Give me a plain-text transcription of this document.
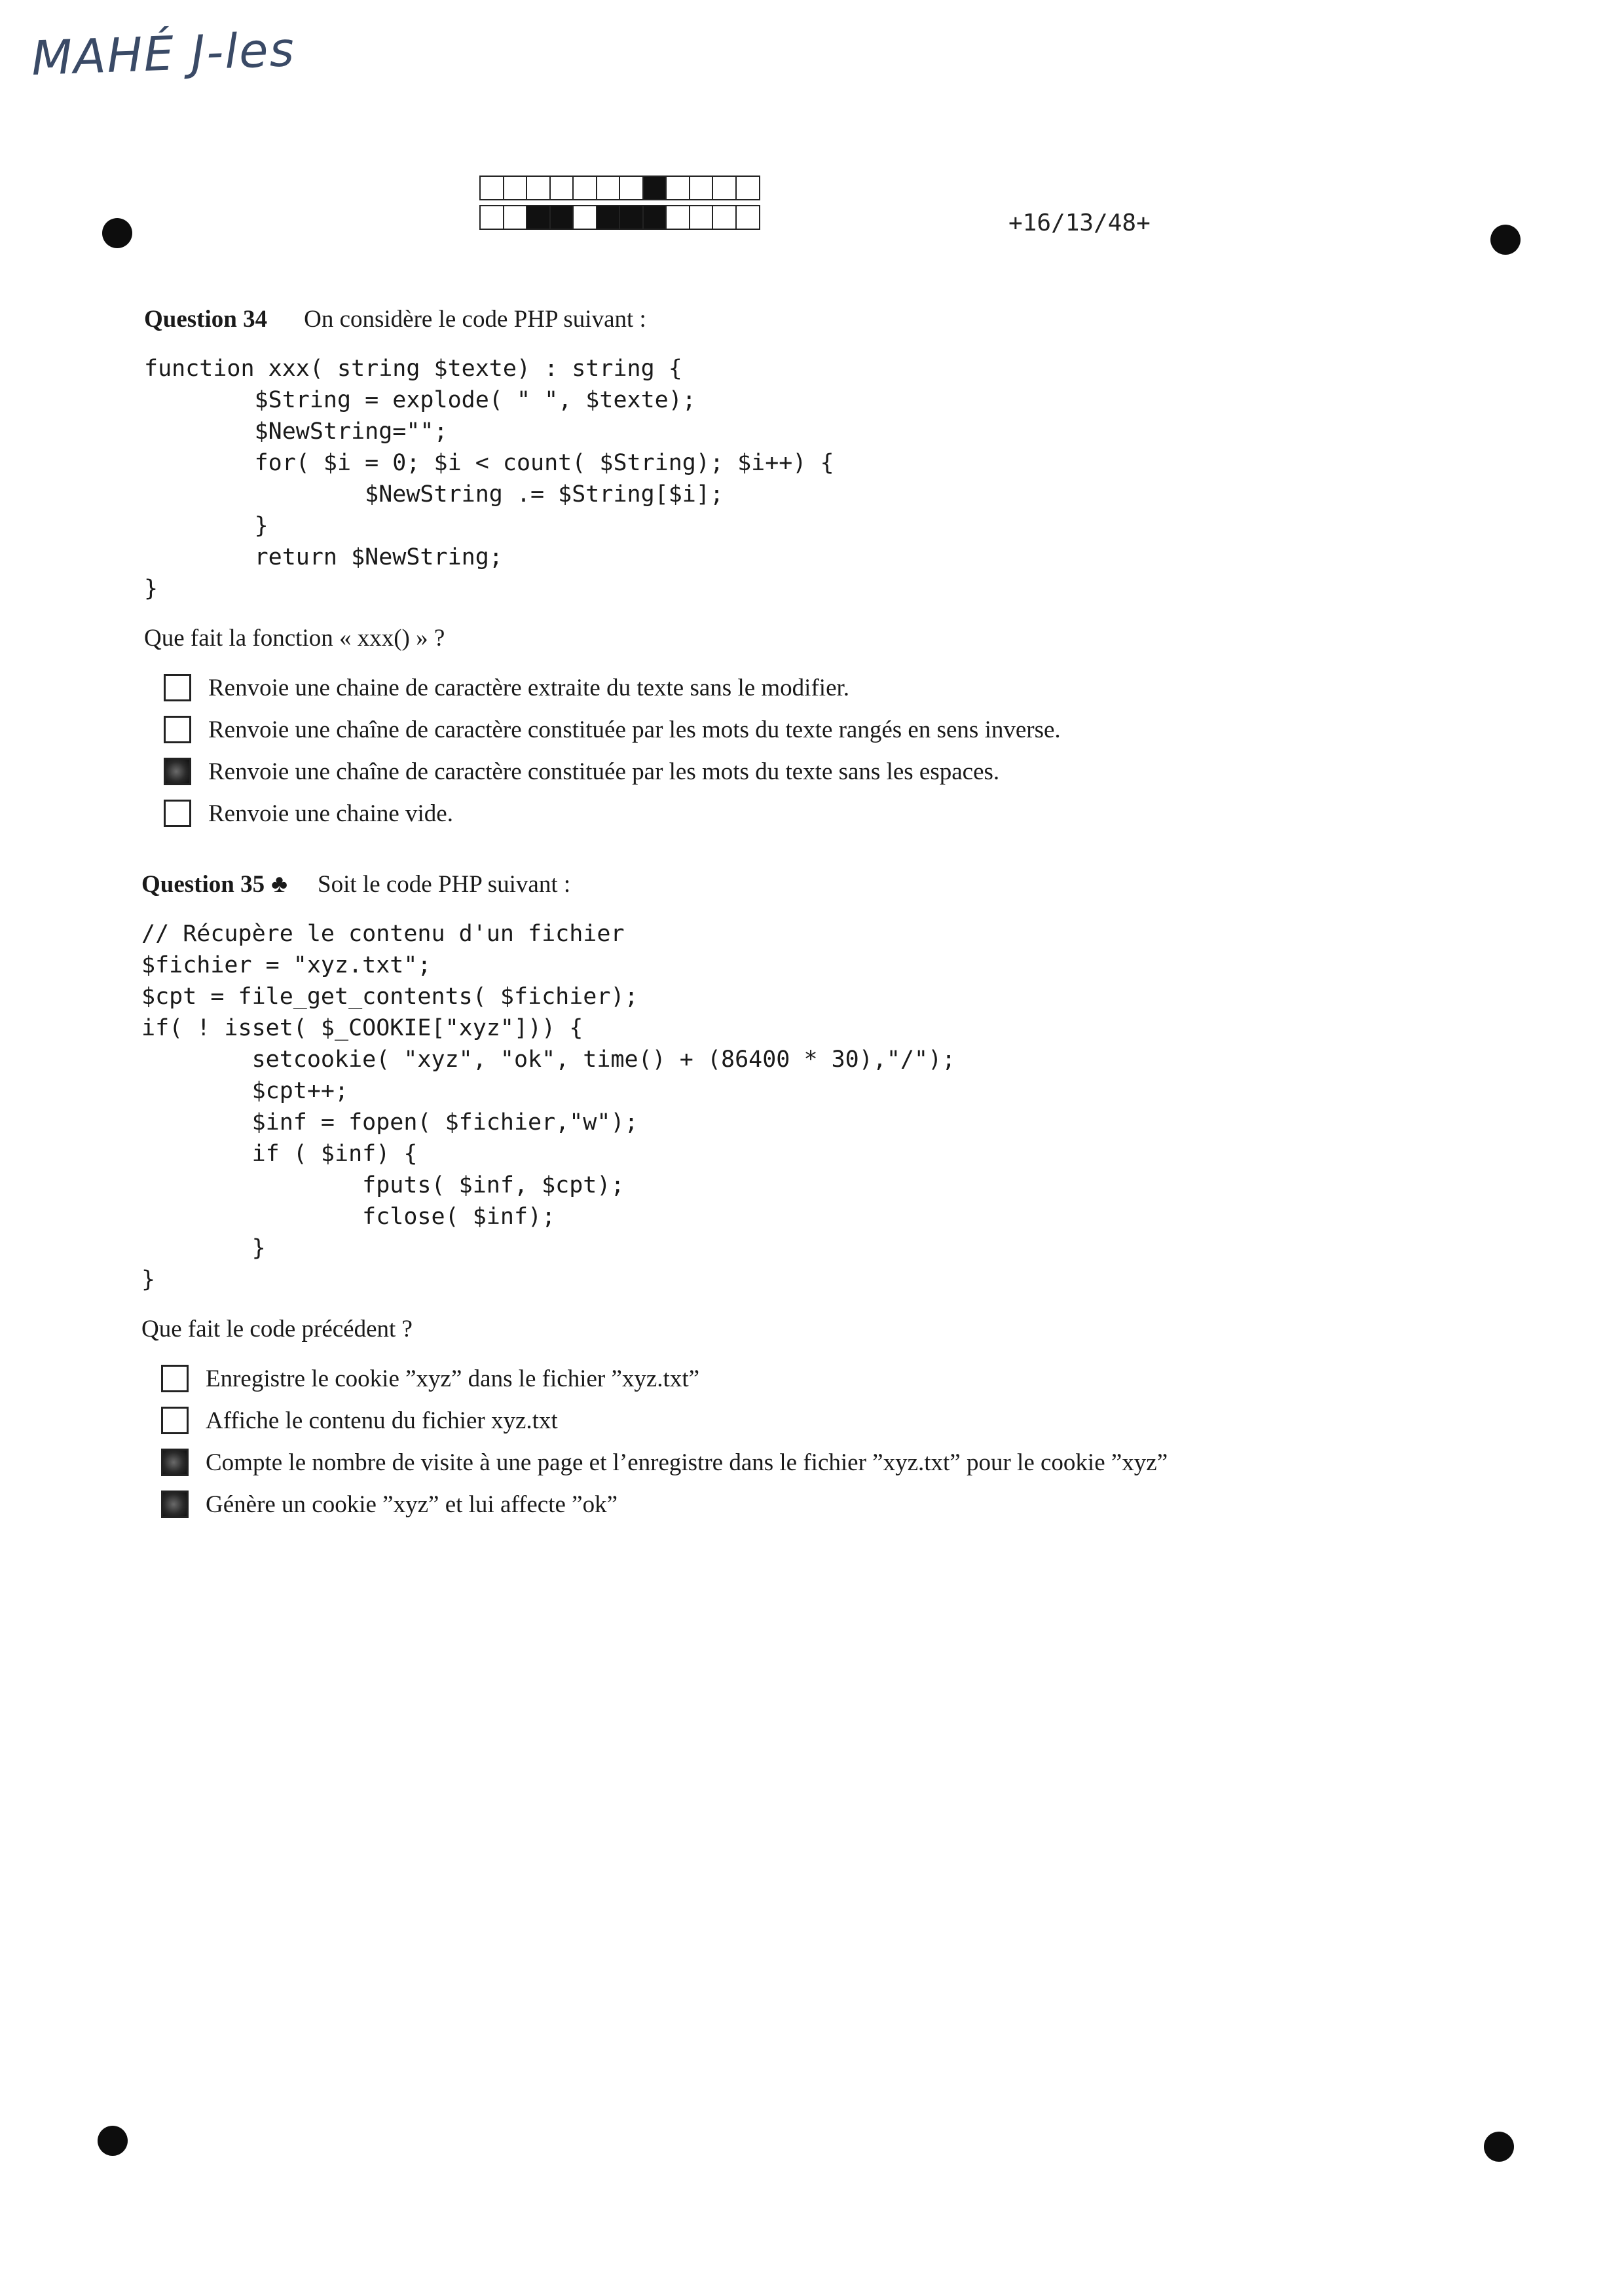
MAHÉ J-les
+16/13/48+
Question 34 On considère le code PHP suivant :
function xxx( string $texte) : string {
$String = explode( " ", $texte);
$NewString="";
for( $i = 0; $i < count( $String); $i++) {
$NewString .= $String[$i];
}
return $NewString;
}
Que fait la fonction « xxx() » ?
Renvoie une chaine de caractère extraite du texte sans le modifier.
Renvoie une chaîne de caractère constituée par les mots du texte rangés en sens inverse.
Renvoie une chaîne de caractère constituée par les mots du texte sans les espaces.
Renvoie une chaine vide.
Question 35 ♣ Soit le code PHP suivant :
// Récupère le contenu d'un fichier
$fichier = "xyz.txt";
$cpt = file_get_contents( $fichier);
if( ! isset( $_COOKIE["xyz"])) {
setcookie( "xyz", "ok", time() + (86400 * 30),"/");
$cpt++;
$inf = fopen( $fichier,"w");
if ( $inf) {
fputs( $inf, $cpt);
fclose( $inf);
}
}
Que fait le code précédent ?
Enregistre le cookie ”xyz” dans le fichier ”xyz.txt”
Affiche le contenu du fichier xyz.txt
Compte le nombre de visite à une page et l’enregistre dans le fichier ”xyz.txt” pour le cookie ”xyz”
Génère un cookie ”xyz” et lui affecte ”ok”
